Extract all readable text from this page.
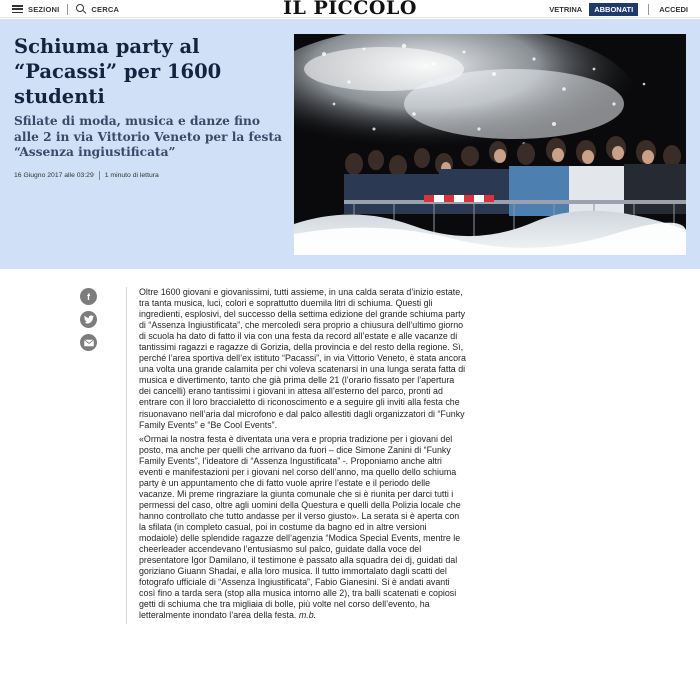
SEZIONI	CERCA	IL PICCOLO	VETRINA	ABBONATI	ACCEDI
Schiuma party al “Pacassi” per 1600 studenti
Sfilate di moda, musica e danze fino alle 2 in via Vittorio Veneto per la festa “Assenza ingiustificata”
16 Giugno 2017 alle 03:29 1 minuto di lettura
f	Oltre 1600 giovani e giovanissimi, tutti assieme, in una calda serata d’inizio estate, tra tanta musica, luci, colori e soprattutto duemila litri di schiuma. Questi gli ingredienti, esplosivi, del successo della settima edizione del grande schiuma party di “Assenza Ingiustificata”, che mercoledì sera proprio a chiusura dell’ultimo giorno di scuola ha dato di fatto il via con una festa da record all’estate e alle vacanze di tantissimi ragazzi e ragazze di Gorizia, della provincia e del resto della regione. Sì, perché l’area sportiva dell’ex istituto “Pacassi”, in via Vittorio Veneto, è stata ancora una volta una grande calamita per chi voleva scatenarsi in una lunga serata fatta di musica e divertimento, tanto che già prima delle 21 (l’orario fissato per l’apertura dei cancelli) erano tantissimi i giovani in attesa all’esterno del parco, pronti ad entrare con il loro braccialetto di riconoscimento e a seguire gli inviti alla festa che risuonavano nell’aria dal microfono e dal palco allestiti dagli organizzatori di “Funky Family Events” e “Be Cool Events”.

«Ormai la nostra festa è diventata una vera e propria tradizione per i giovani del posto, ma anche per quelli che arrivano da fuori – dice Simone Zanini di “Funky Family Events”, l’ideatore di “Assenza Ingustificata” -. Proponiamo anche altri eventi e manifestazioni per i giovani nel corso dell’anno, ma quello dello schiuma party è un appuntamento che di fatto vuole aprire l’estate e il periodo delle vacanze. Mi preme ringraziare la giunta comunale che si è riunita per darci tutti i permessi del caso, oltre agli uomini della Questura e quelli della Polizia locale che hanno controllato che tutto andasse per il verso giusto». La serata si è aperta con la sfilata (in completo casual, poi in costume da bagno ed in altre versioni modaiole) delle splendide ragazze dell’agenzia “Modica Special Events, mentre le cheerleader accendevano l’entusiasmo sul palco, guidate dalla voce del presentatore Igor Damilano, il testimone è passato alla squadra dei dj, guidati dal goriziano Giuann Shadai, e alla loro musica. Il tutto immortalato dagli scatti del fotografo ufficiale di “Assenza Ingiustificata”, Fabio Gianesini. Si è andati avanti così fino a tarda sera (stop alla musica intorno alle 2), tra balli scatenati e copiosi getti di schiuma che tra migliaia di bolle, più volte nel corso dell’evento, ha letteralmente inondato l’area della festa. m.b.
